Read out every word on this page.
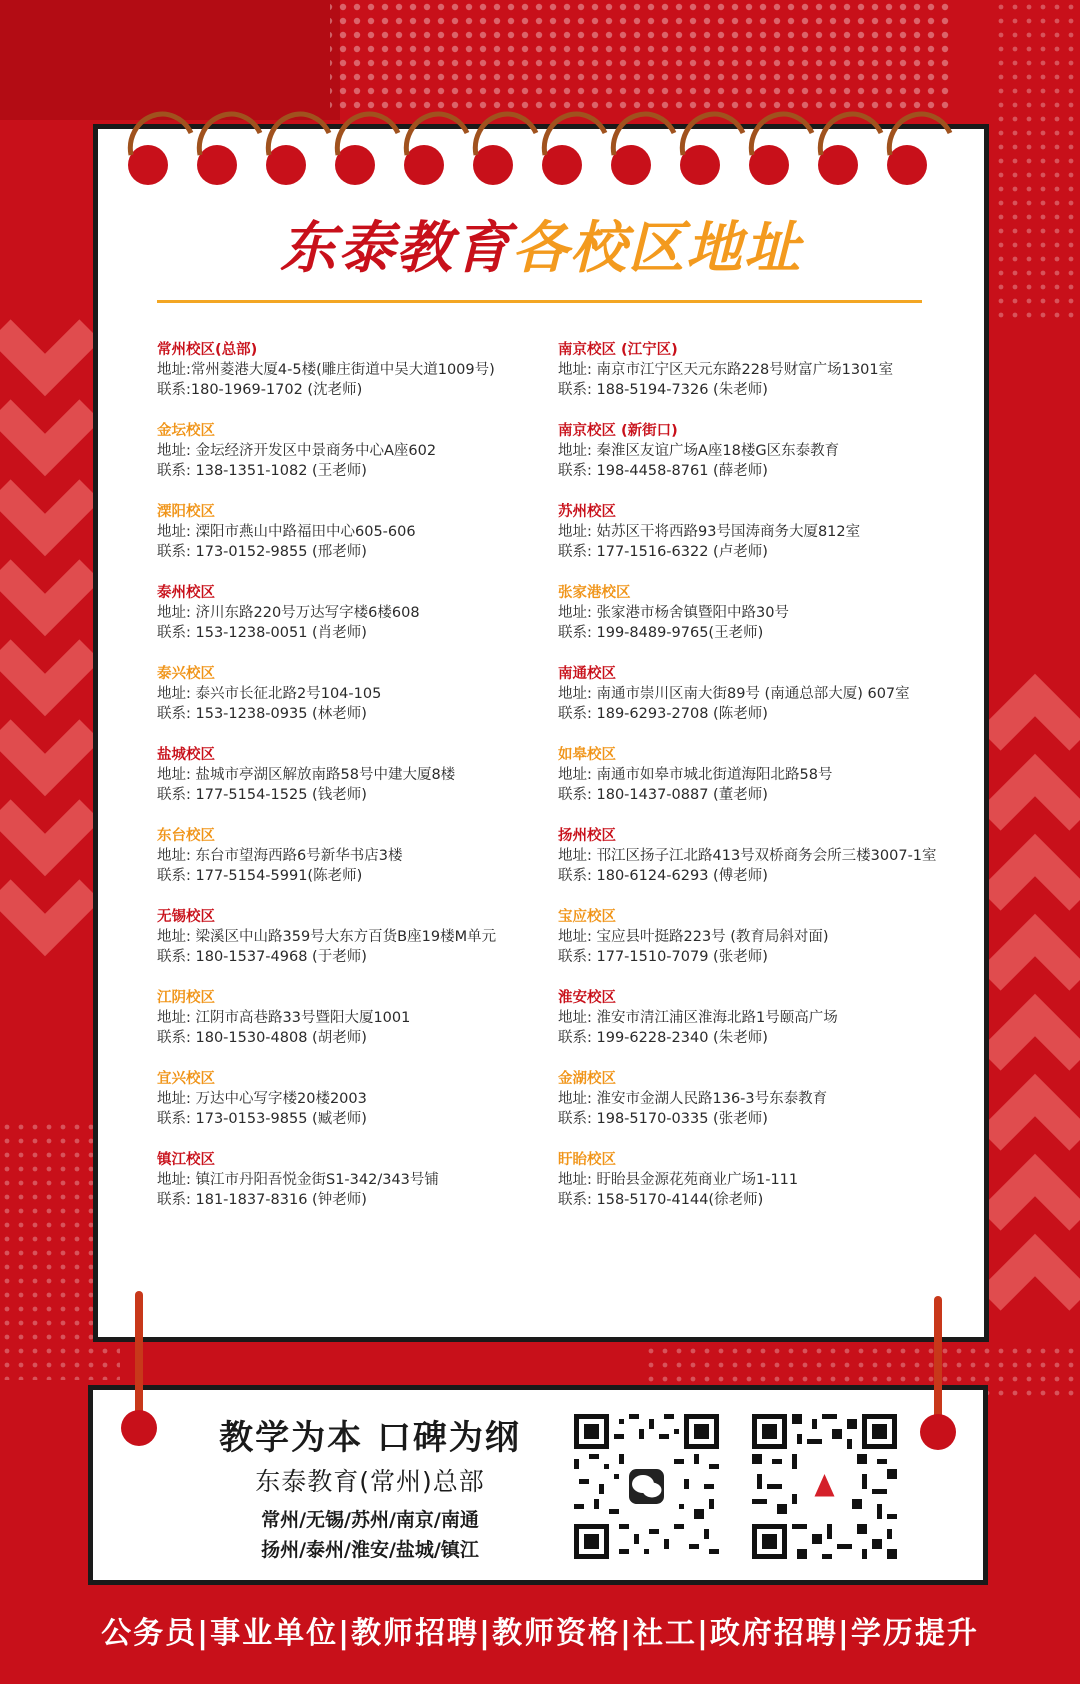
东泰教育各校区地址
常州校区(总部)
地址:常州菱港大厦4-5楼(雕庄街道中吴大道1009号)
联系:180-1969-1702 (沈老师)
金坛校区
地址: 金坛经济开发区中景商务中心A座602
联系: 138-1351-1082 (王老师)
溧阳校区
地址: 溧阳市燕山中路福田中心605-606
联系: 173-0152-9855 (邢老师)
泰州校区
地址: 济川东路220号万达写字楼6楼608
联系: 153-1238-0051 (肖老师)
泰兴校区
地址: 泰兴市长征北路2号104-105
联系: 153-1238-0935 (林老师)
盐城校区
地址: 盐城市亭湖区解放南路58号中建大厦8楼
联系: 177-5154-1525 (钱老师)
东台校区
地址: 东台市望海西路6号新华书店3楼
联系: 177-5154-5991(陈老师)
无锡校区
地址: 梁溪区中山路359号大东方百货B座19楼M单元
联系: 180-1537-4968 (于老师)
江阴校区
地址: 江阴市高巷路33号暨阳大厦1001
联系: 180-1530-4808 (胡老师)
宜兴校区
地址: 万达中心写字楼20楼2003
联系: 173-0153-9855 (臧老师)
镇江校区
地址: 镇江市丹阳吾悦金街S1-342/343号铺
联系: 181-1837-8316 (钟老师)
南京校区 (江宁区)
地址: 南京市江宁区天元东路228号财富广场1301室
联系: 188-5194-7326 (朱老师)
南京校区 (新街口)
地址: 秦淮区友谊广场A座18楼G区东泰教育
联系: 198-4458-8761 (薛老师)
苏州校区
地址: 姑苏区干将西路93号国涛商务大厦812室
联系: 177-1516-6322 (卢老师)
张家港校区
地址: 张家港市杨舍镇暨阳中路30号
联系: 199-8489-9765(王老师)
南通校区
地址: 南通市崇川区南大街89号 (南通总部大厦) 607室
联系: 189-6293-2708 (陈老师)
如皋校区
地址: 南通市如皋市城北街道海阳北路58号
联系: 180-1437-0887 (董老师)
扬州校区
地址: 邗江区扬子江北路413号双桥商务会所三楼3007-1室
联系: 180-6124-6293 (傅老师)
宝应校区
地址: 宝应县叶挺路223号 (教育局斜对面)
联系: 177-1510-7079 (张老师)
淮安校区
地址: 淮安市清江浦区淮海北路1号颐高广场
联系: 199-6228-2340 (朱老师)
金湖校区
地址: 淮安市金湖人民路136-3号东泰教育
联系: 198-5170-0335 (张老师)
盱眙校区
地址: 盱眙县金源花苑商业广场1-111
联系: 158-5170-4144(徐老师)
教学为本 口碑为纲
东泰教育(常州)总部
常州/无锡/苏州/南京/南通
扬州/泰州/淮安/盐城/镇江
公务员|事业单位|教师招聘|教师资格|社工|政府招聘|学历提升
